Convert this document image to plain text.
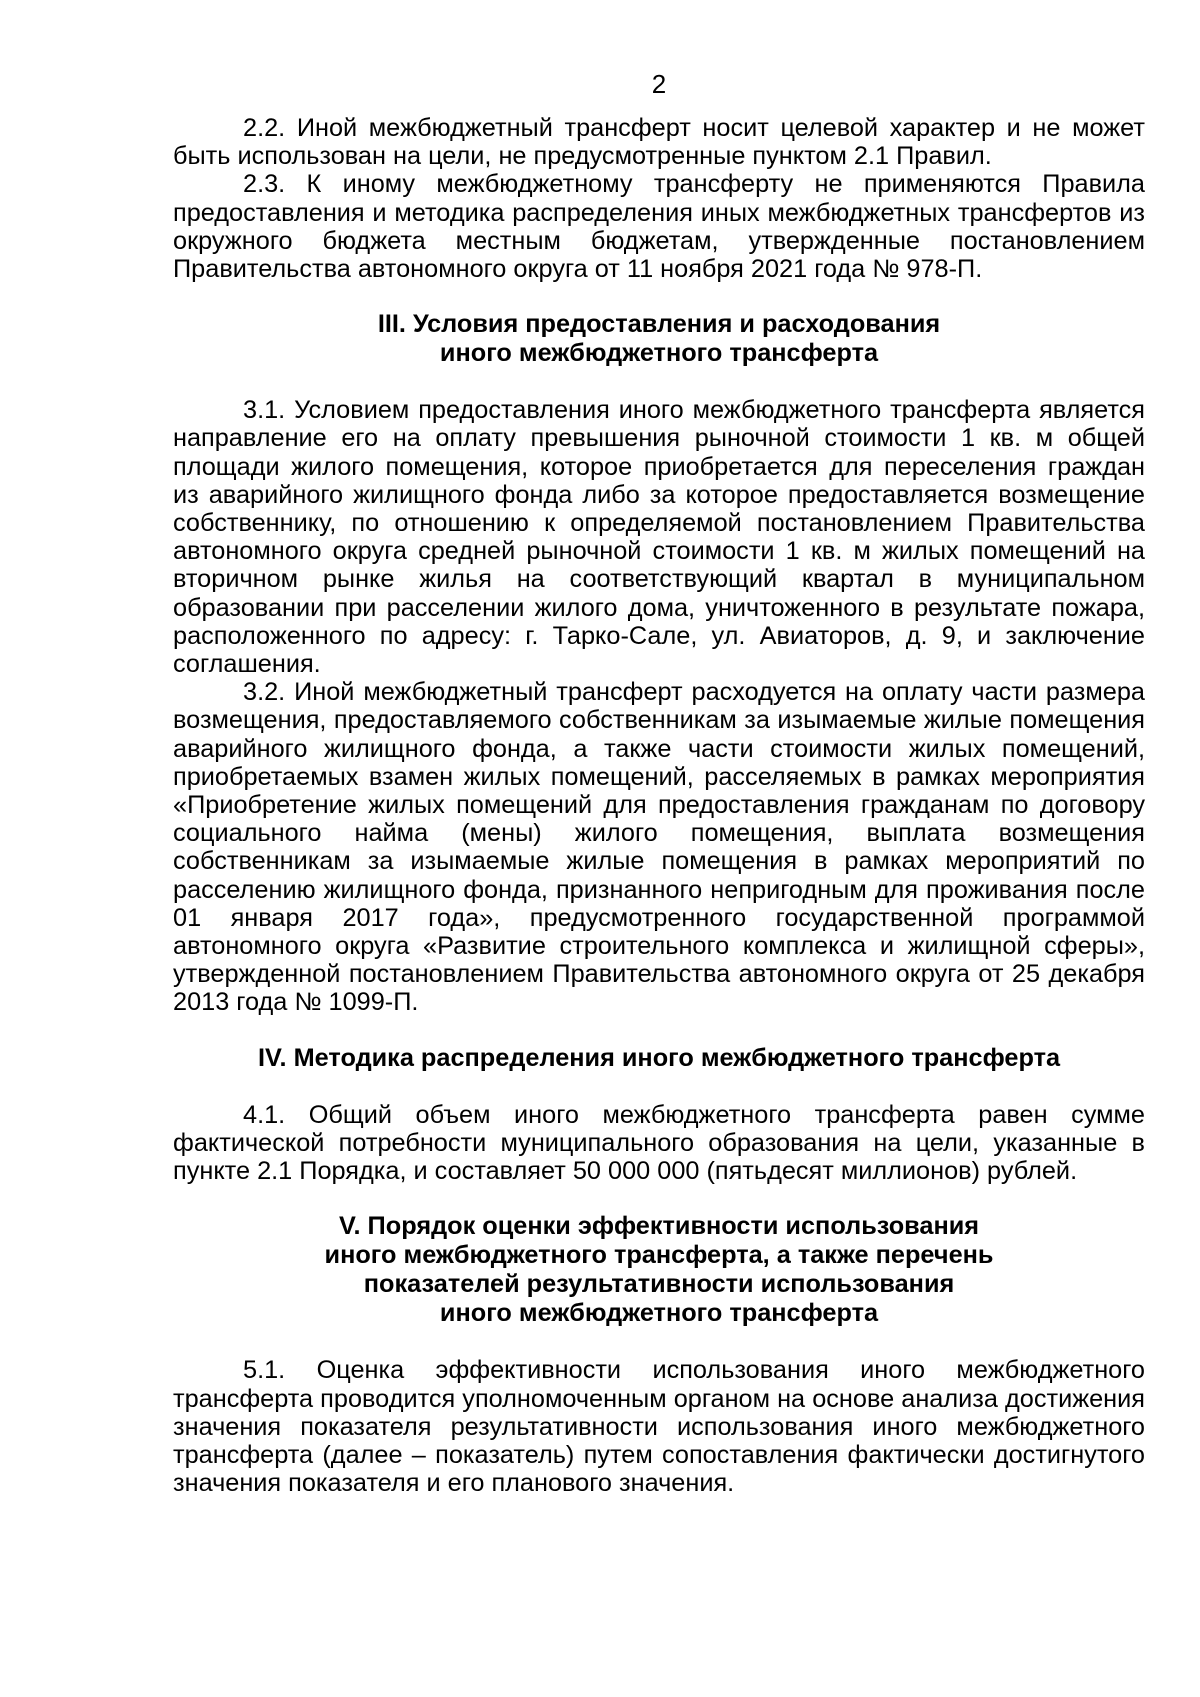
2

2.2. Иной межбюджетный трансферт носит целевой характер и не может быть использован на цели, не предусмотренные пунктом 2.1 Правил.

2.3. К иному межбюджетному трансферту не применяются Правила предоставления и методика распределения иных межбюджетных трансфертов из окружного бюджета местным бюджетам, утвержденные постановлением Правительства автономного округа от 11 ноября 2021 года № 978-П.

III. Условия предоставления и расходования
иного межбюджетного трансферта

3.1. Условием предоставления иного межбюджетного трансферта является направление его на оплату превышения рыночной стоимости 1 кв. м общей площади жилого помещения, которое приобретается для переселения граждан из аварийного жилищного фонда либо за которое предоставляется возмещение собственнику, по отношению к определяемой постановлением Правительства автономного округа средней рыночной стоимости 1 кв. м жилых помещений на вторичном рынке жилья на соответствующий квартал в муниципальном образовании при расселении жилого дома, уничтоженного в результате пожара, расположенного по адресу: г. Тарко-Сале, ул. Авиаторов, д. 9, и заключение соглашения.

3.2. Иной межбюджетный трансферт расходуется на оплату части размера возмещения, предоставляемого собственникам за изымаемые жилые помещения аварийного жилищного фонда, а также части стоимости жилых помещений, приобретаемых взамен жилых помещений, расселяемых в рамках мероприятия «Приобретение жилых помещений для предоставления гражданам по договору социального найма (мены) жилого помещения, выплата возмещения собственникам за изымаемые жилые помещения в рамках мероприятий по расселению жилищного фонда, признанного непригодным для проживания после 01 января 2017 года», предусмотренного государственной программой автономного округа «Развитие строительного комплекса и жилищной сферы», утвержденной постановлением Правительства автономного округа от 25 декабря 2013 года № 1099-П.

IV. Методика распределения иного межбюджетного трансферта

4.1. Общий объем иного межбюджетного трансферта равен сумме фактической потребности муниципального образования на цели, указанные в пункте 2.1 Порядка, и составляет 50 000 000 (пятьдесят миллионов) рублей.

V. Порядок оценки эффективности использования
иного межбюджетного трансферта, а также перечень
показателей результативности использования
иного межбюджетного трансферта

5.1. Оценка эффективности использования иного межбюджетного трансферта проводится уполномоченным органом на основе анализа достижения значения показателя результативности использования иного межбюджетного трансферта (далее – показатель) путем сопоставления фактически достигнутого значения показателя и его планового значения.
